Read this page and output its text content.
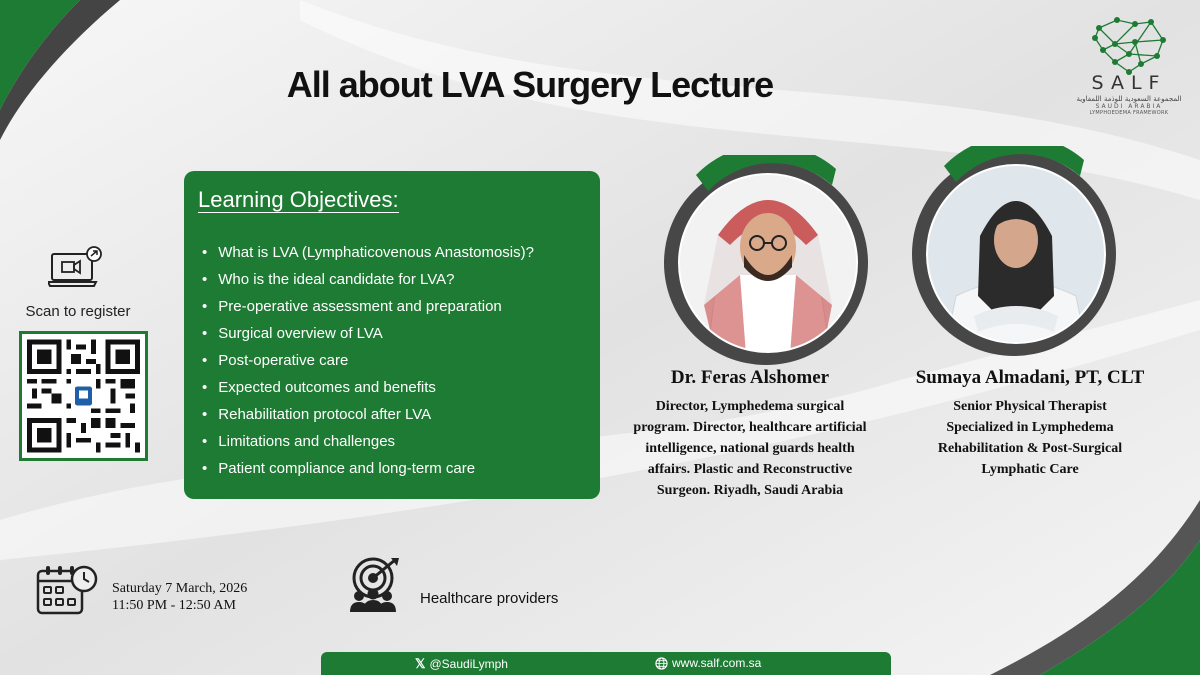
SALF
المجموعة السعودية للوذمة اللمفاوية
SAUDI ARABIA
LYMPHOEDEMA FRAMEWORK
All about LVA Surgery Lecture
Learning Objectives:
• What is LVA (Lymphaticovenous Anastomosis)?
• Who is the ideal candidate for LVA?
• Pre-operative assessment and preparation
• Surgical overview of LVA
• Post-operative care
• Expected outcomes and benefits
• Rehabilitation protocol after LVA
• Limitations and challenges
• Patient compliance and long-term care
Scan to register
Dr. Feras Alshomer
Director, Lymphedema surgical
program. Director, healthcare artificial
intelligence, national guards health
affairs. Plastic and Reconstructive
Surgeon. Riyadh, Saudi Arabia
Sumaya Almadani, PT, CLT
Senior Physical Therapist
Specialized in Lymphedema
Rehabilitation & Post-Surgical
Lymphatic Care
Saturday 7 March, 2026
11:50 PM - 12:50 AM	Healthcare providers
𝕏 @SaudiLymph	www.salf.com.sa
